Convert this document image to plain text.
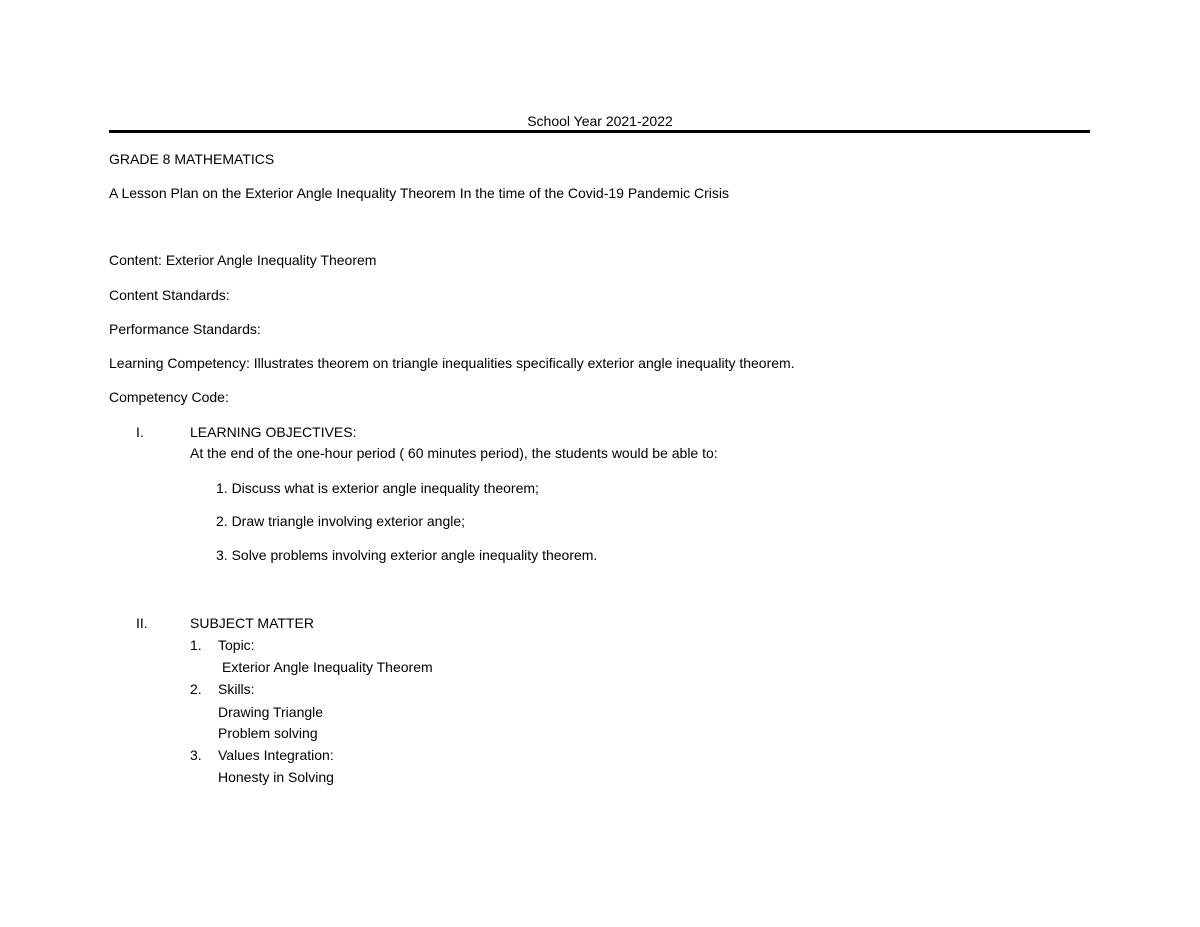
School Year 2021-2022
GRADE 8 MATHEMATICS
A Lesson Plan on the Exterior Angle Inequality Theorem In the time of the Covid-19 Pandemic Crisis
Content: Exterior Angle Inequality Theorem
Content Standards:
Performance Standards:
Learning Competency: Illustrates theorem on triangle inequalities specifically exterior angle inequality theorem.
Competency Code:
I.	LEARNING OBJECTIVES:
At the end of the one-hour period ( 60 minutes period), the students would be able to:
1. Discuss what is exterior angle inequality theorem;
2. Draw triangle involving exterior angle;
3. Solve problems involving exterior angle inequality theorem.
II.	SUBJECT MATTER
1. Topic:
Exterior Angle Inequality Theorem
2. Skills:
Drawing Triangle
Problem solving
3. Values Integration:
Honesty in Solving
